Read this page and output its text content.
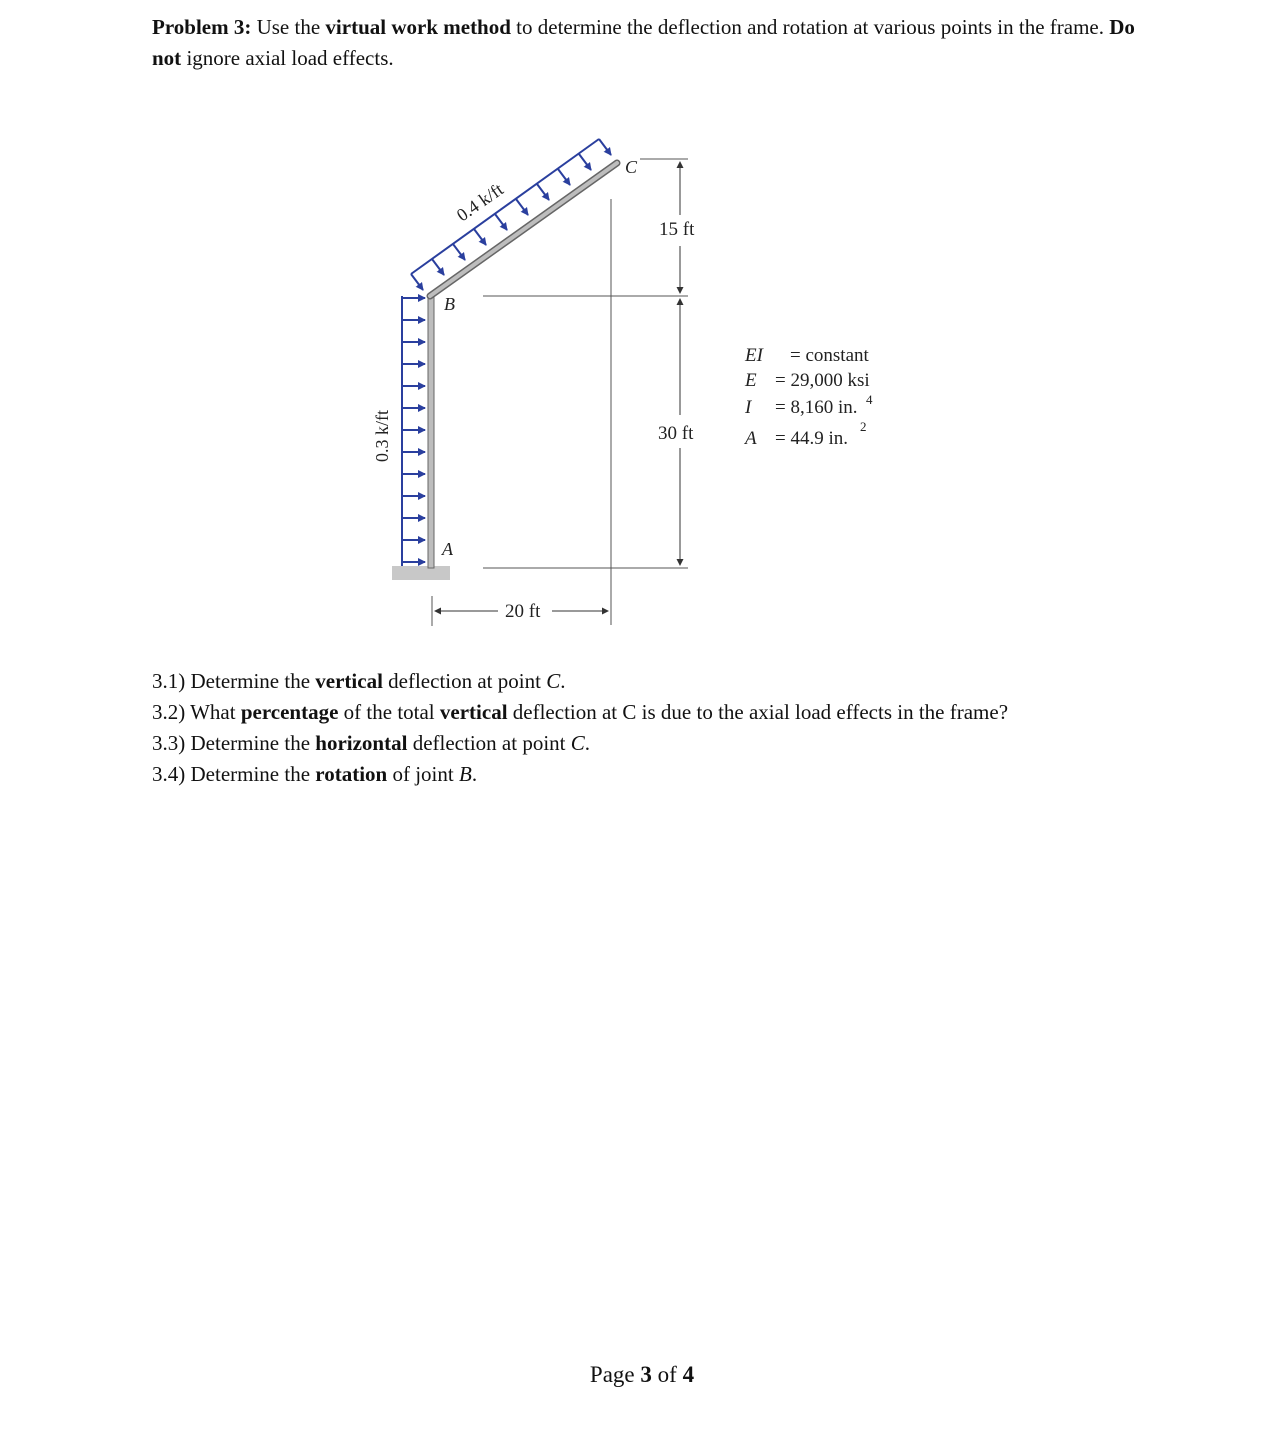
Problem 3: Use the virtual work method to determine the deflection and rotation at various points in the frame. Do not ignore axial load effects.
C
B
A
0.4 k/ft
0.3 k/ft
15 ft
30 ft
20 ft
EI = constant
E = 29,000 ksi
I = 8,160 in. 4
A = 44.9 in.
2
3.1) Determine the vertical deflection at point C.
3.2) What percentage of the total vertical deflection at C is due to the axial load effects in the frame?
3.3) Determine the horizontal deflection at point C.
3.4) Determine the rotation of joint B.
Page 3 of 4
